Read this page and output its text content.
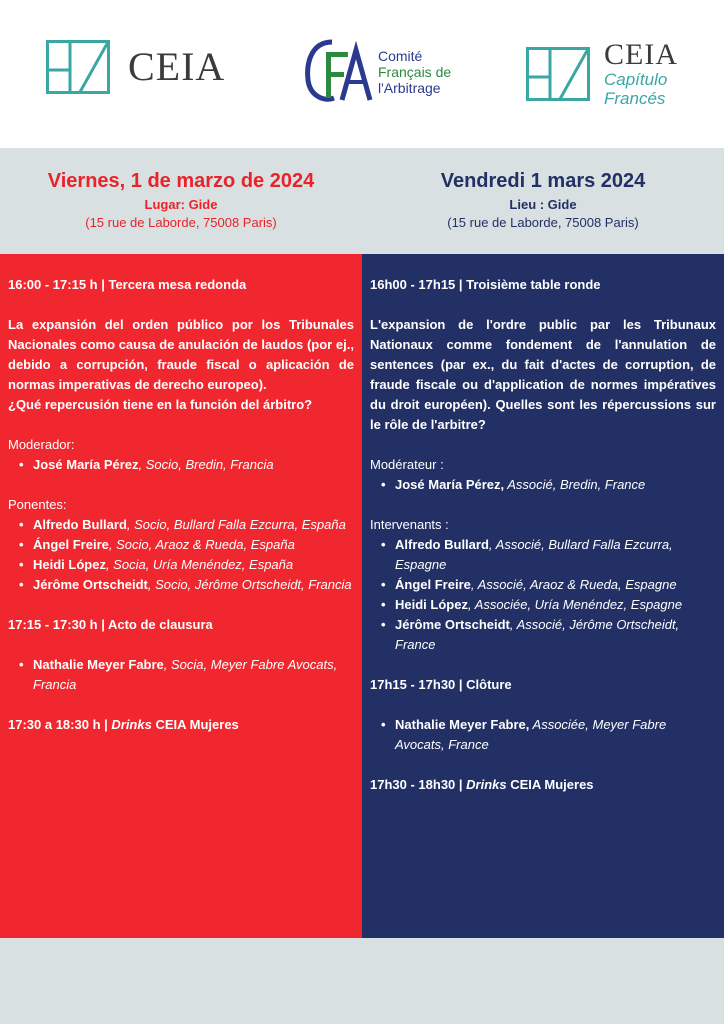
CEIA	Comité
Français de
l'Arbitrage
CEIA
Capítulo
Francés
Viernes, 1 de marzo de 2024
Lugar: Gide
(15 rue de Laborde, 75008 Paris)
Vendredi 1 mars 2024
Lieu : Gide
(15 rue de Laborde, 75008 Paris)
16:00 - 17:15 h | Tercera mesa redonda

La expansión del orden público por los Tribunales Nacionales como causa de anulación de laudos (por ej., debido a corrupción, fraude fiscal o aplicación de normas imperativas de derecho europeo).

¿Qué repercusión tiene en la función del árbitro?

Moderador:
• José María Pérez, Socio, Bredin, Francia
Ponentes:
• Alfredo Bullard, Socio, Bullard Falla Ezcurra, España
• Ángel Freire, Socio, Araoz & Rueda, España
• Heidi López, Socia, Uría Menéndez, España
• Jérôme Ortscheidt, Socio, Jérôme Ortscheidt, Francia
17:15 - 17:30 h | Acto de clausura
• Nathalie Meyer Fabre, Socia, Meyer Fabre Avocats, Francia
17:30 a 18:30 h | Drinks CEIA Mujeres
16h00 - 17h15 | Troisième table ronde

L'expansion de l'ordre public par les Tribunaux Nationaux comme fondement de l'annulation de sentences (par ex., du fait d'actes de corruption, de fraude fiscale ou d'application de normes impératives du droit européen). Quelles sont les répercussions sur le rôle de l'arbitre?

Modérateur :
• José María Pérez, Associé, Bredin, France
Intervenants :
• Alfredo Bullard, Associé, Bullard Falla Ezcurra, Espagne
• Ángel Freire, Associé, Araoz & Rueda, Espagne
• Heidi López, Associée, Uría Menéndez, Espagne
• Jérôme Ortscheidt, Associé, Jérôme Ortscheidt, France
17h15 - 17h30 | Clôture
• Nathalie Meyer Fabre, Associée, Meyer Fabre Avocats, France
17h30 - 18h30 | Drinks CEIA Mujeres
